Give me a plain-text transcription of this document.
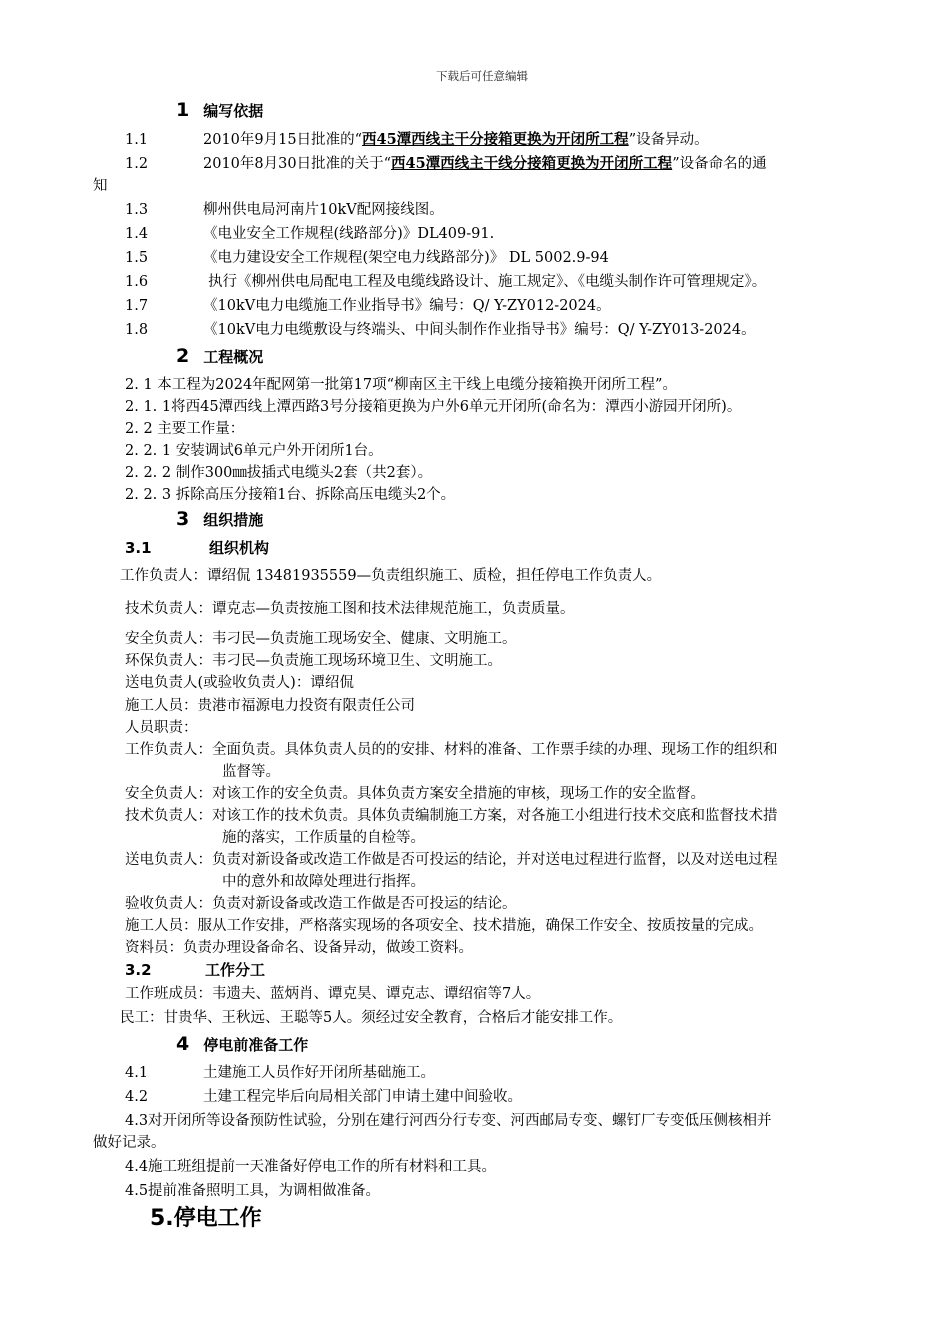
下载后可任意编辑
1 编写依据
1.1	2010年9月15日批准的“西45潭西线主干分接箱更换为开闭所工程”设备异动。
1.2	2010年8月30日批准的关于“西45潭西线主干线分接箱更换为开闭所工程”设备命名的通
知
1.3	柳州供电局河南片10kV配网接线图。
1.4	《电业安全工作规程(线路部分)》DL409-91.
1.5	《电力建设安全工作规程(架空电力线路部分)》 DL 5002.9-94
1.6	执行《柳州供电局配电工程及电缆线路设计、施工规定》、《电缆头制作许可管理规定》。
1.7	《10kV电力电缆施工作业指导书》编号：Q/ Y-ZY012-2024。
1.8	《10kV电力电缆敷设与终端头、中间头制作作业指导书》编号：Q/ Y-ZY013-2024。
2 工程概况
2. 1 本工程为2024年配网第一批第17项“柳南区主干线上电缆分接箱换开闭所工程”。
2. 1. 1将西45潭西线上潭西路3号分接箱更换为户外6单元开闭所(命名为：潭西小游园开闭所)。
2. 2 主要工作量：
2. 2. 1 安装调试6单元户外开闭所1台。
2. 2. 2 制作300㎜拔插式电缆头2套（共2套）。
2. 2. 3 拆除高压分接箱1台、拆除高压电缆头2个。
3 组织措施
3.1	组织机构
工作负责人：谭绍侃 13481935559—负责组织施工、质检，担任停电工作负责人。
技术负责人：谭克志—负责按施工图和技术法律规范施工，负责质量。
安全负责人：韦刁民—负责施工现场安全、健康、文明施工。
环保负责人：韦刁民—负责施工现场环境卫生、文明施工。
送电负责人(或验收负责人)：谭绍侃
施工人员：贵港市福源电力投资有限责任公司
人员职责：
工作负责人：全面负责。具体负责人员的的安排、材料的准备、工作票手续的办理、现场工作的组织和
监督等。
安全负责人：对该工作的安全负责。具体负责方案安全措施的审核，现场工作的安全监督。
技术负责人：对该工作的技术负责。具体负责编制施工方案，对各施工小组进行技术交底和监督技术措
施的落实，工作质量的自检等。
送电负责人：负责对新设备或改造工作做是否可投运的结论，并对送电过程进行监督，以及对送电过程
中的意外和故障处理进行指挥。
验收负责人：负责对新设备或改造工作做是否可投运的结论。
施工人员：服从工作安排，严格落实现场的各项安全、技术措施，确保工作安全、按质按量的完成。
资料员：负责办理设备命名、设备异动，做竣工资料。
3.2	工作分工
工作班成员：韦遗夫、蓝炳肖、谭克昊、谭克志、谭绍宿等7人。
民工：甘贵华、王秋远、王聪等5人。须经过安全教育，合格后才能安排工作。
4 停电前准备工作
4.1	土建施工人员作好开闭所基础施工。
4.2	土建工程完毕后向局相关部门申请土建中间验收。
4.3对开闭所等设备预防性试验，分别在建行河西分行专变、河西邮局专变、螺钉厂专变低压侧核相并
做好记录。
4.4施工班组提前一天准备好停电工作的所有材料和工具。
4.5提前准备照明工具，为调相做准备。
5.停电工作
